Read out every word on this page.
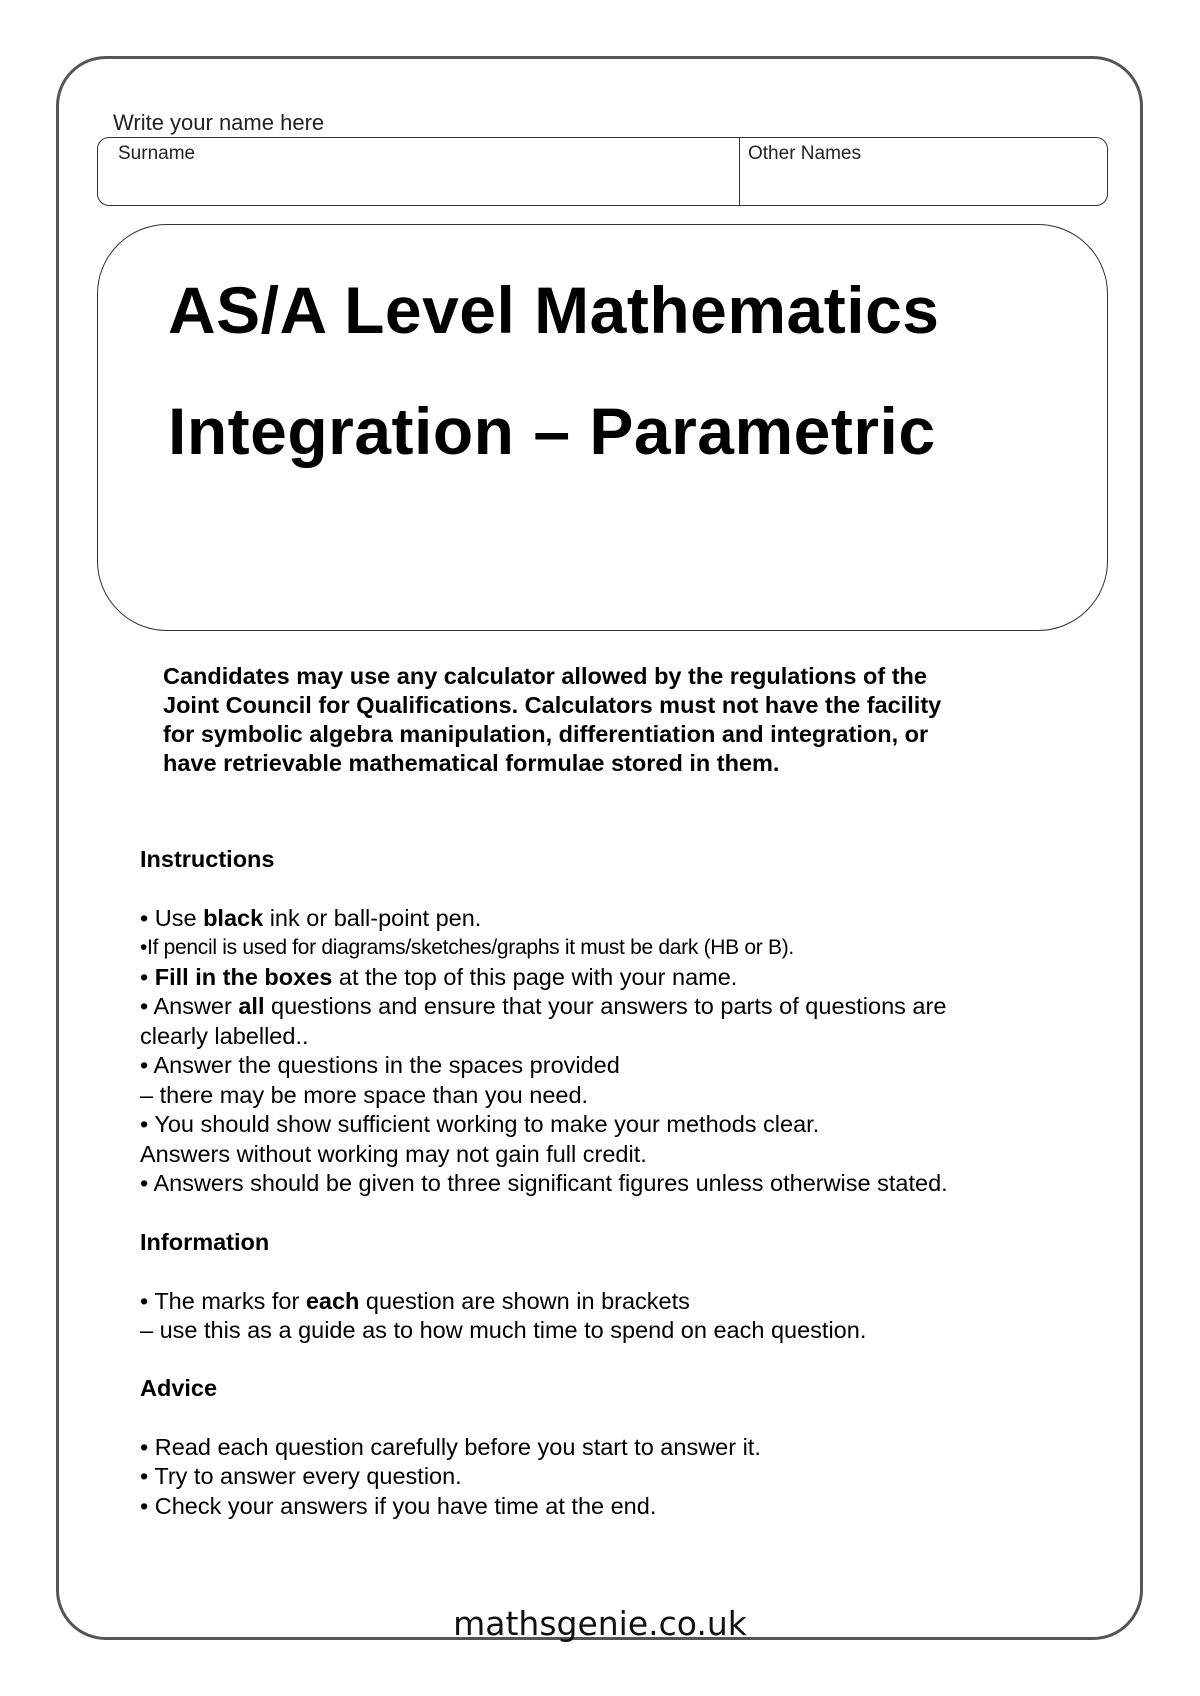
Write your name here
Surname	Other Names
AS/A Level Mathematics
Integration – Parametric
Candidates may use any calculator allowed by the regulations of the
Joint Council for Qualifications. Calculators must not have the facility
for symbolic algebra manipulation, differentiation and integration, or
have retrievable mathematical formulae stored in them.
Instructions

• Use black ink or ball-point pen.

•If pencil is used for diagrams/sketches/graphs it must be dark (HB or B).

• Fill in the boxes at the top of this page with your name.

• Answer all questions and ensure that your answers to parts of questions are

clearly labelled..

• Answer the questions in the spaces provided

– there may be more space than you need.

• You should show sufficient working to make your methods clear.

Answers without working may not gain full credit.

• Answers should be given to three significant figures unless otherwise stated.

Information

• The marks for each question are shown in brackets

– use this as a guide as to how much time to spend on each question.

Advice

• Read each question carefully before you start to answer it.

• Try to answer every question.

• Check your answers if you have time at the end.

mathsgenie.co.uk
